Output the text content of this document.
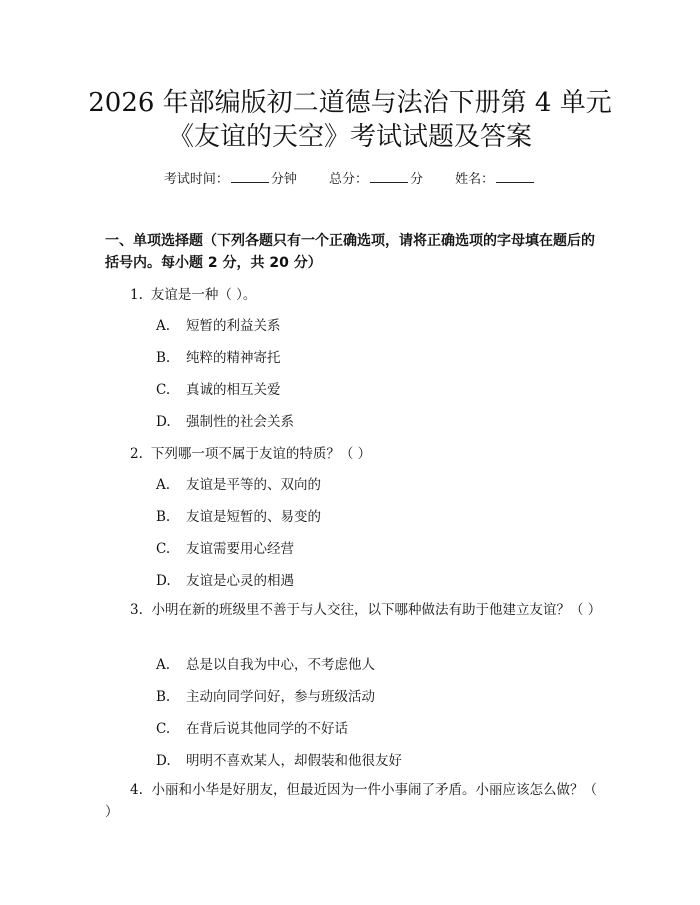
2026 年部编版初二道德与法治下册第 4 单元
《友谊的天空》考试试题及答案
考试时间：	分钟 总分：	分 姓名：
一、单项选择题（下列各题只有一个正确选项，请将正确选项的字母填在题后的括号内。每小题 2 分，共 20 分）
1. 友谊是一种（ ）。
A. 短暂的利益关系
B. 纯粹的精神寄托
C. 真诚的相互关爱
D. 强制性的社会关系
2. 下列哪一项不属于友谊的特质？（ ）
A. 友谊是平等的、双向的
B. 友谊是短暂的、易变的
C. 友谊需要用心经营
D. 友谊是心灵的相遇
3. 小明在新的班级里不善于与人交往，以下哪种做法有助于他建立友谊？（ ）
A. 总是以自我为中心，不考虑他人
B. 主动向同学问好，参与班级活动
C. 在背后说其他同学的不好话
D. 明明不喜欢某人，却假装和他很友好
4. 小丽和小华是好朋友，但最近因为一件小事闹了矛盾。小丽应该怎么做？（ ）
